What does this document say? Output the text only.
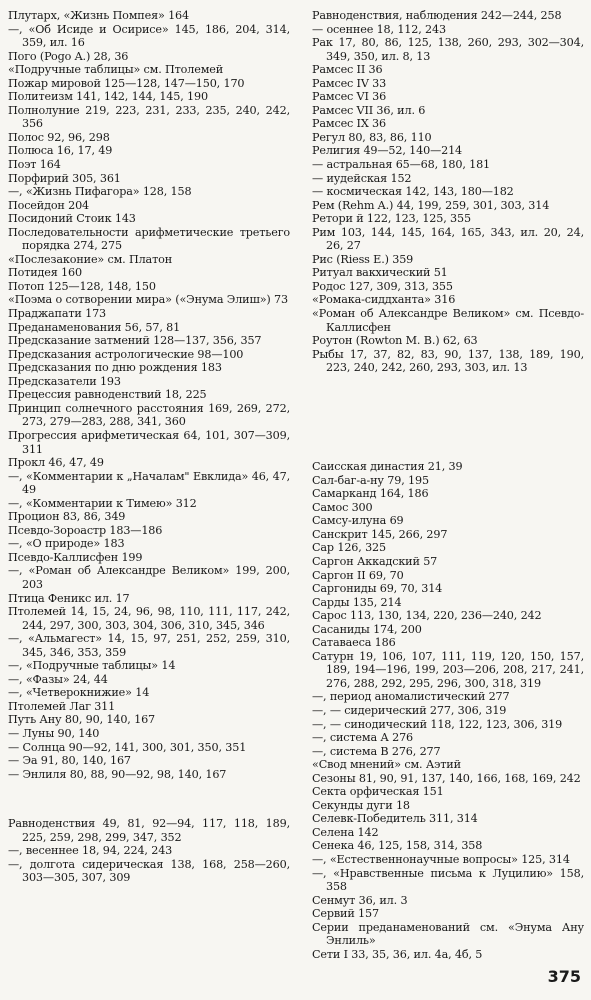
Плутарх, «Жизнь Помпея» 164

—, «Об Исиде и Осирисе» 145, 186, 204, 314, 359, ил. 16

Пого (Pogo A.) 28, 36

«Подручные таблицы» см. Птолемей

Пожар мировой 125—128, 147—150, 170

Политеизм 141, 142, 144, 145, 190

Полнолуние 219, 223, 231, 233, 235, 240, 242, 356

Полос 92, 96, 298

Полюса 16, 17, 49

Поэт 164

Порфирий 305, 361

—, «Жизнь Пифагора» 128, 158

Посейдон 204

Посидоний Стоик 143

Последовательности арифметические третьего порядка 274, 275

«Послезаконие» см. Платон

Потидея 160

Потоп 125—128, 148, 150

«Поэма о сотворении мира» («Энума Элиш») 73

Праджапати 173

Преданаменования 56, 57, 81

Предсказание затмений 128—137, 356, 357

Предсказания астрологические 98—100

Предсказания по дню рождения 183

Предсказатели 193

Прецессия равноденствий 18, 225

Принцип солнечного расстояния 169, 269, 272, 273, 279—283, 288, 341, 360

Прогрессия арифметическая 64, 101, 307—309, 311

Прокл 46, 47, 49

—, «Комментарии к „Началам" Евклида» 46, 47, 49

—, «Комментарии к Тимею» 312

Процион 83, 86, 349

Псевдо-Зороастр 183—186

—, «О природе» 183

Псевдо-Каллисфен 199

—, «Роман об Александре Великом» 199, 200, 203

Птица Феникс ил. 17

Птолемей 14, 15, 24, 96, 98, 110, 111, 117, 242, 244, 297, 300, 303, 304, 306, 310, 345, 346

—, «Альмагест» 14, 15, 97, 251, 252, 259, 310, 345, 346, 353, 359

—, «Подручные таблицы» 14

—, «Фазы» 24, 44

—, «Четверокнижие» 14

Птолемей Лаг 311

Путь Ану 80, 90, 140, 167

— Луны 90, 140

— Солнца 90—92, 141, 300, 301, 350, 351

— Эа 91, 80, 140, 167

— Энлиля 80, 88, 90—92, 98, 140, 167

Равноденствия 49, 81, 92—94, 117, 118, 189, 225, 259, 298, 299, 347, 352

—, весеннее 18, 94, 224, 243

—, долгота сидерическая 138, 168, 258—260, 303—305, 307, 309

Равноденствия, наблюдения 242—244, 258

— осеннее 18, 112, 243

Рак 17, 80, 86, 125, 138, 260, 293, 302—304, 349, 350, ил. 8, 13

Рамсес II 36

Рамсес IV 33

Рамсес VI 36

Рамсес VII 36, ил. 6

Рамсес IX 36

Регул 80, 83, 86, 110

Религия 49—52, 140—214

— астральная 65—68, 180, 181

— иудейская 152

— космическая 142, 143, 180—182

Рем (Rehm A.) 44, 199, 259, 301, 303, 314

Ретори й 122, 123, 125, 355

Рим 103, 144, 145, 164, 165, 343, ил. 20, 24, 26, 27

Рис (Riess E.) 359

Ритуал вакхический 51

Родос 127, 309, 313, 355

«Ромака-сиддханта» 316

«Роман об Александре Великом» см. Псевдо-Каллисфен

Роутон (Rowton M. B.) 62, 63

Рыбы 17, 37, 82, 83, 90, 137, 138, 189, 190, 223, 240, 242, 260, 293, 303, ил. 13

Саисская династия 21, 39

Сал-баг-а-ну 79, 195

Самарканд 164, 186

Самос 300

Самсу-илуна 69

Санскрит 145, 266, 297

Сар 126, 325

Саргон Аккадский 57

Саргон II 69, 70

Саргониды 69, 70, 314

Сарды 135, 214

Сарос 113, 130, 134, 220, 236—240, 242

Сасаниды 174, 200

Сатаваеса 186

Сатурн 19, 106, 107, 111, 119, 120, 150, 157, 189, 194—196, 199, 203—206, 208, 217, 241, 276, 288, 292, 295, 296, 300, 318, 319

—, период аномалистический 277

—, — сидерический 277, 306, 319

—, — синодический 118, 122, 123, 306, 319

—, система А 276

—, система В 276, 277

«Свод мнений» см. Аэтий

Сезоны 81, 90, 91, 137, 140, 166, 168, 169, 242

Секта орфическая 151

Секунды дуги 18

Селевк-Победитель 311, 314

Селена 142

Сенека 46, 125, 158, 314, 358

—, «Естественнонаучные вопросы» 125, 314

—, «Нравственные письма к Луцилию» 158, 358

Сенмут 36, ил. 3

Сервий 157

Серии преданаменований см. «Энума Ану Энлиль»

Сети I 33, 35, 36, ил. 4а, 4б, 5

375
